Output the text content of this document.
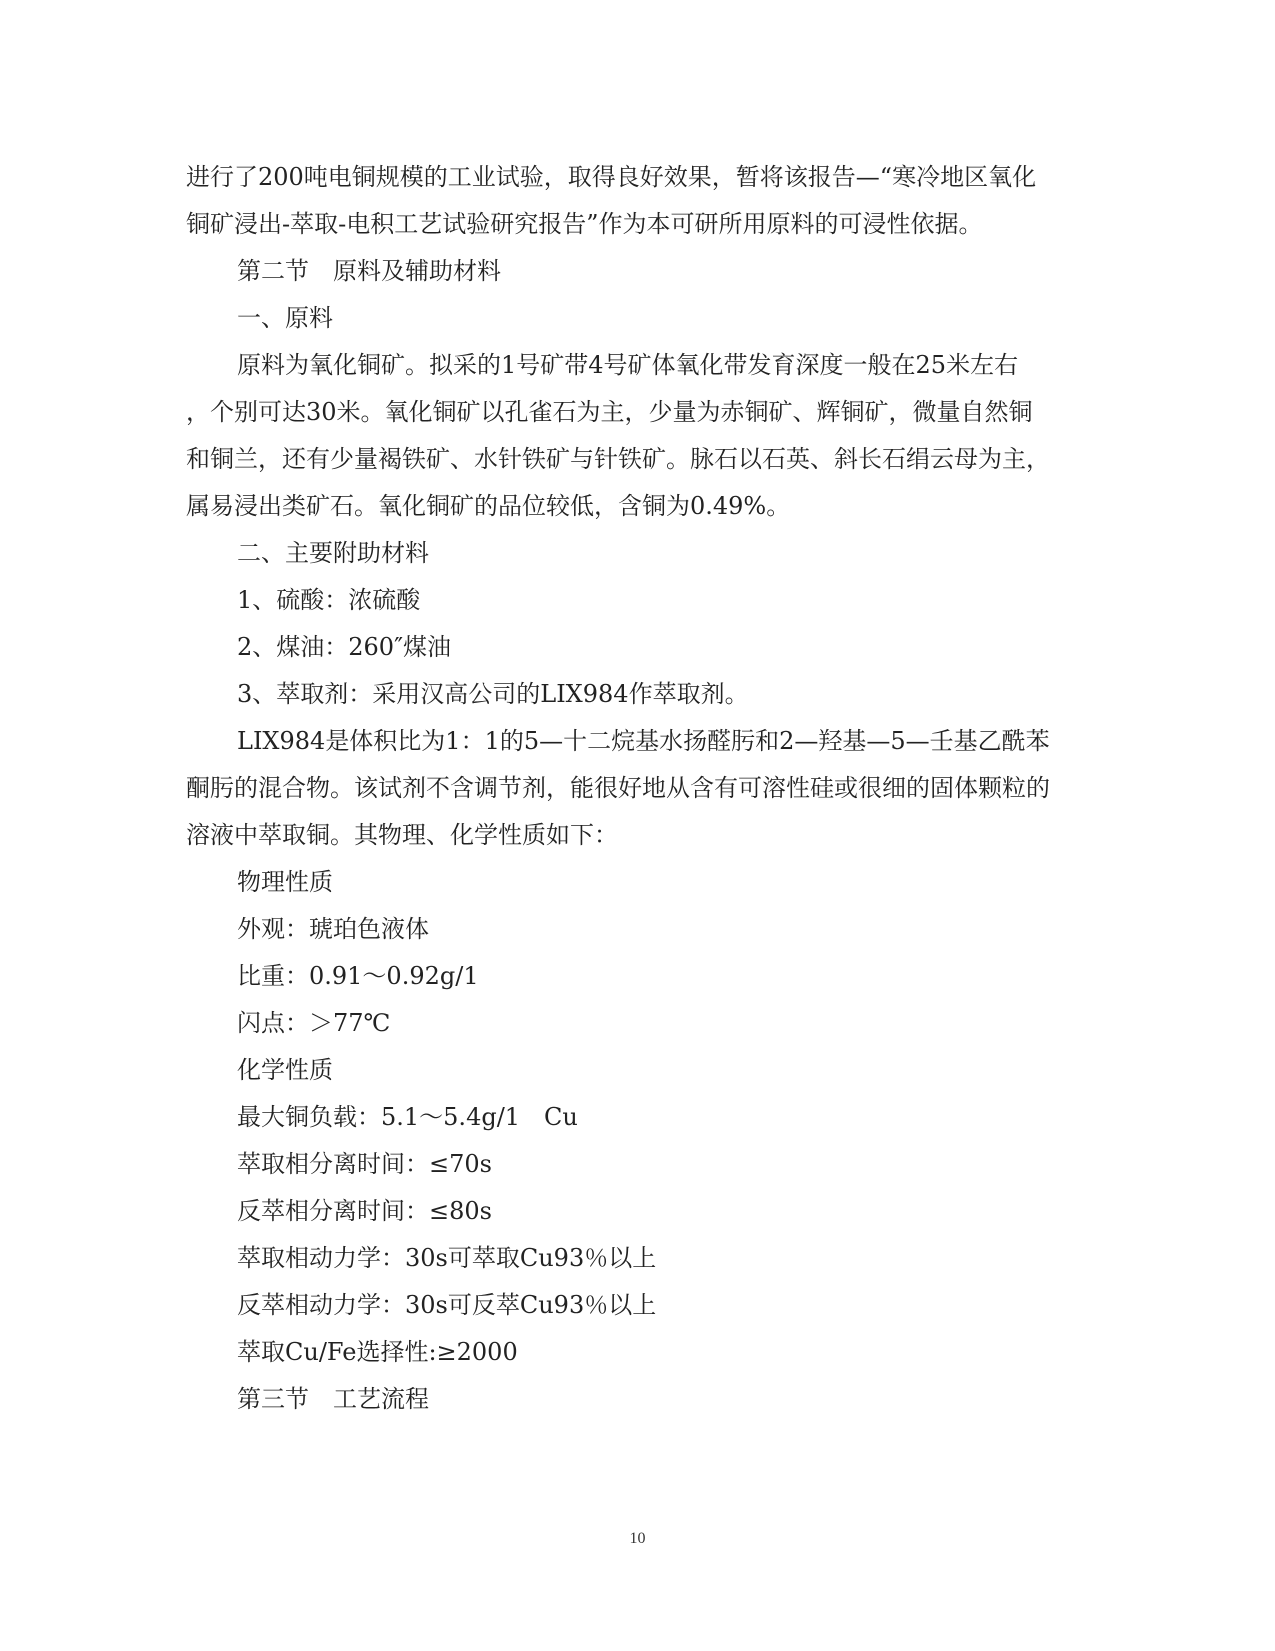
进行了200吨电铜规模的工业试验，取得良好效果，暂将该报告—“寒冷地区氧化
铜矿浸出-萃取-电积工艺试验研究报告”作为本可研所用原料的可浸性依据。
第二节　原料及辅助材料
一、原料
原料为氧化铜矿。拟采的1号矿带4号矿体氧化带发育深度一般在25米左右
，个别可达30米。氧化铜矿以孔雀石为主，少量为赤铜矿、辉铜矿，微量自然铜
和铜兰，还有少量褐铁矿、水针铁矿与针铁矿。脉石以石英、斜长石绢云母为主，
属易浸出类矿石。氧化铜矿的品位较低，含铜为0.49%。
二、主要附助材料
1、硫酸：浓硫酸
2、煤油：260″煤油
3、萃取剂：采用汉高公司的LIX984作萃取剂。
LIX984是体积比为1：1的5—十二烷基水扬醛肟和2—羟基—5—壬基乙酰苯
酮肟的混合物。该试剂不含调节剂，能很好地从含有可溶性硅或很细的固体颗粒的
溶液中萃取铜。其物理、化学性质如下：
物理性质
外观：琥珀色液体
比重：0.91～0.92g/1
闪点：＞77℃
化学性质
最大铜负载：5.1～5.4g/1　Cu
萃取相分离时间：≤70s
反萃相分离时间：≤80s
萃取相动力学：30s可萃取Cu93％以上
反萃相动力学：30s可反萃Cu93％以上
萃取Cu/Fe选择性:≥2000
第三节　工艺流程
10
